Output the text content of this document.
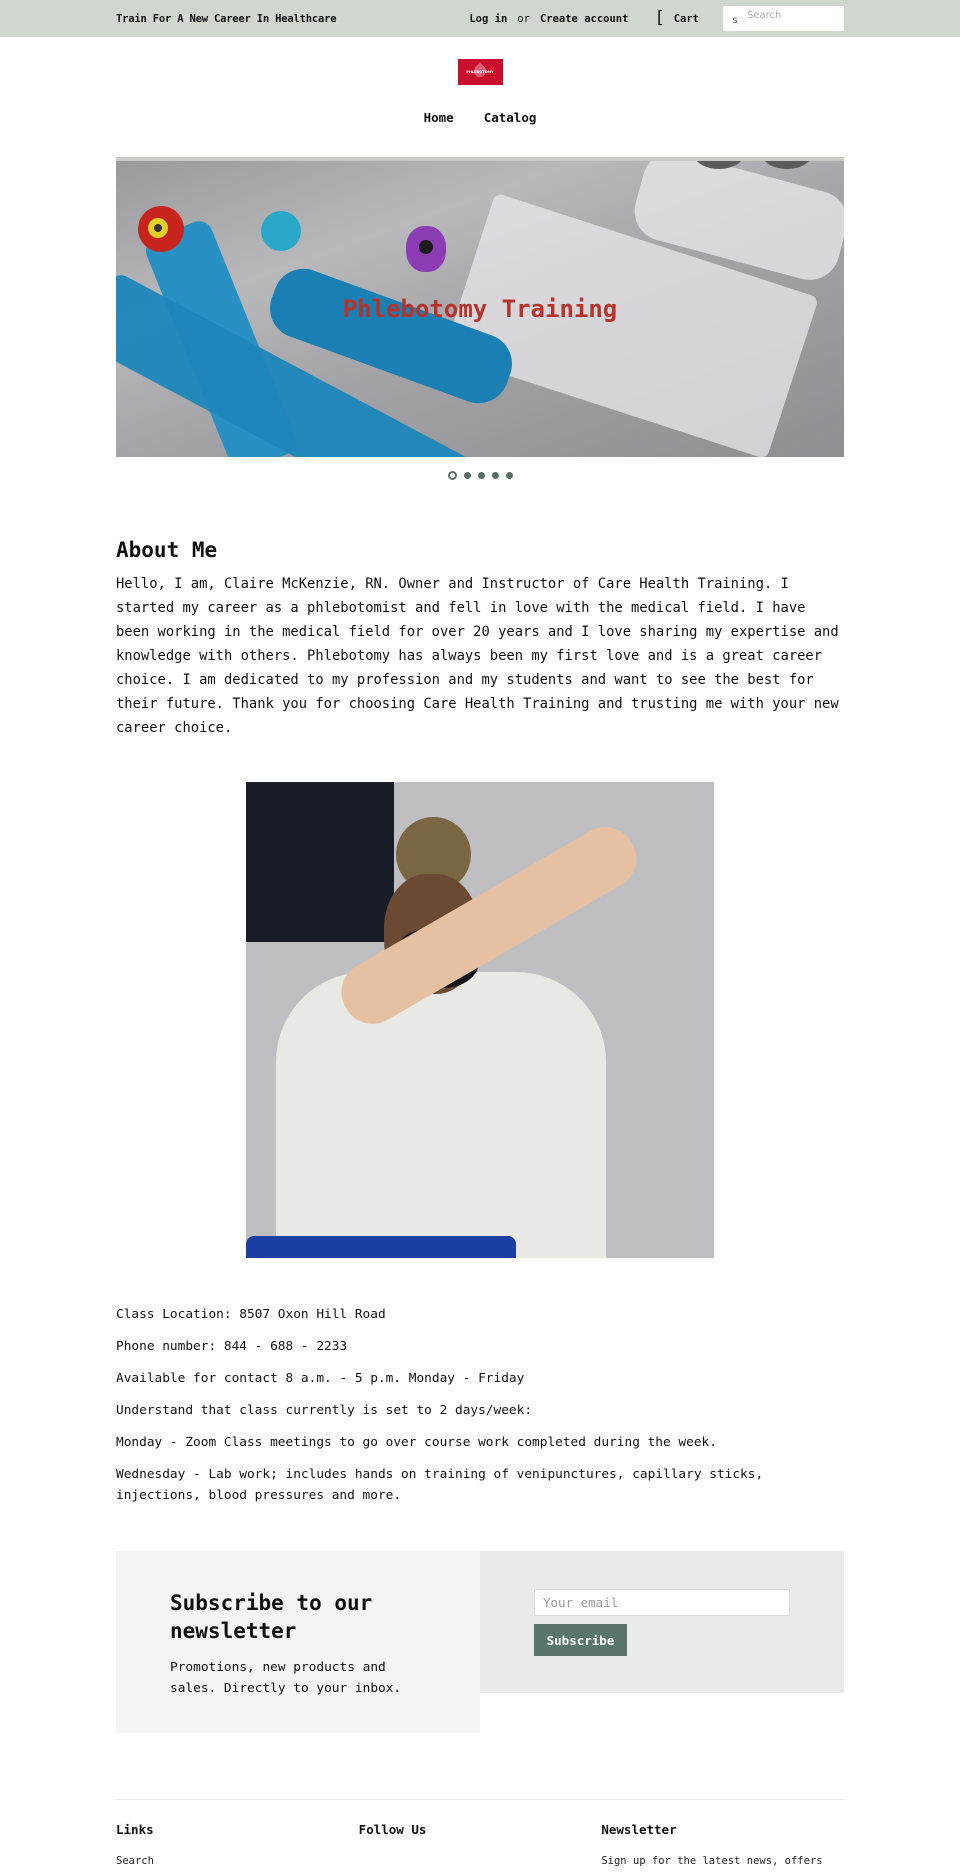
Train For A New Career In Healthcare	Log in or Create account [ Cart	s
Search
PHLEBOTOMY
Home Catalog
Phlebotomy Training
About Me

Hello, I am, Claire McKenzie, RN. Owner and Instructor of Care Health Training. I started my career as a phlebotomist and fell in love with the medical field. I have been working in the medical field for over 20 years and I love sharing my expertise and knowledge with others. Phlebotomy has always been my first love and is a great career choice. I am dedicated to my profession and my students and want to see the best for their future. Thank you for choosing Care Health Training and trusting me with your new career choice.

Class Location: 8507 Oxon Hill Road

Phone number: 844 - 688 - 2233

Available for contact 8 a.m. - 5 p.m. Monday - Friday

Understand that class currently is set to 2 days/week:

Monday - Zoom Class meetings to go over course work completed during the week.

Wednesday - Lab work; includes hands on training of venipunctures, capillary sticks, injections, blood pressures and more.

Subscribe to our newsletter

Promotions, new products and sales. Directly to your inbox.

Your email
Subscribe
Links
Search
Follow Us	Newsletter

Sign up for the latest news, offers
